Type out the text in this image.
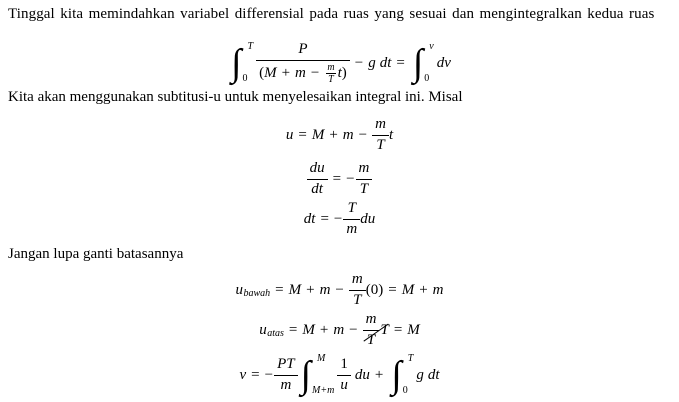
Tinggal kita memindahkan variabel differensial pada ruas yang sesuai dan mengintegralkan kedua ruas

∫ T
0
P
( $M + m - \frac{m}{T}$ t )
− g dt = ∫ v
0
dv

Kita akan menggunakan subtitusi-u untuk menyelesaikan integral ini. Misal

$u = M + m - \frac{m}{T}$ t
$\frac{du}{dt}$ = − $\frac{m}{T}$
dt = − $\frac{T}{m}$ du

Jangan lupa ganti batasannya

u bawah = $M + m - \frac{m}{T} (0) = M + m$
u atas = $M + m - \frac{m}{T}$ T = M
v = − $\frac{PT}{m}$ ∫ M
$M+m \frac{1}{u}$ du + ∫ T
0
g dt
